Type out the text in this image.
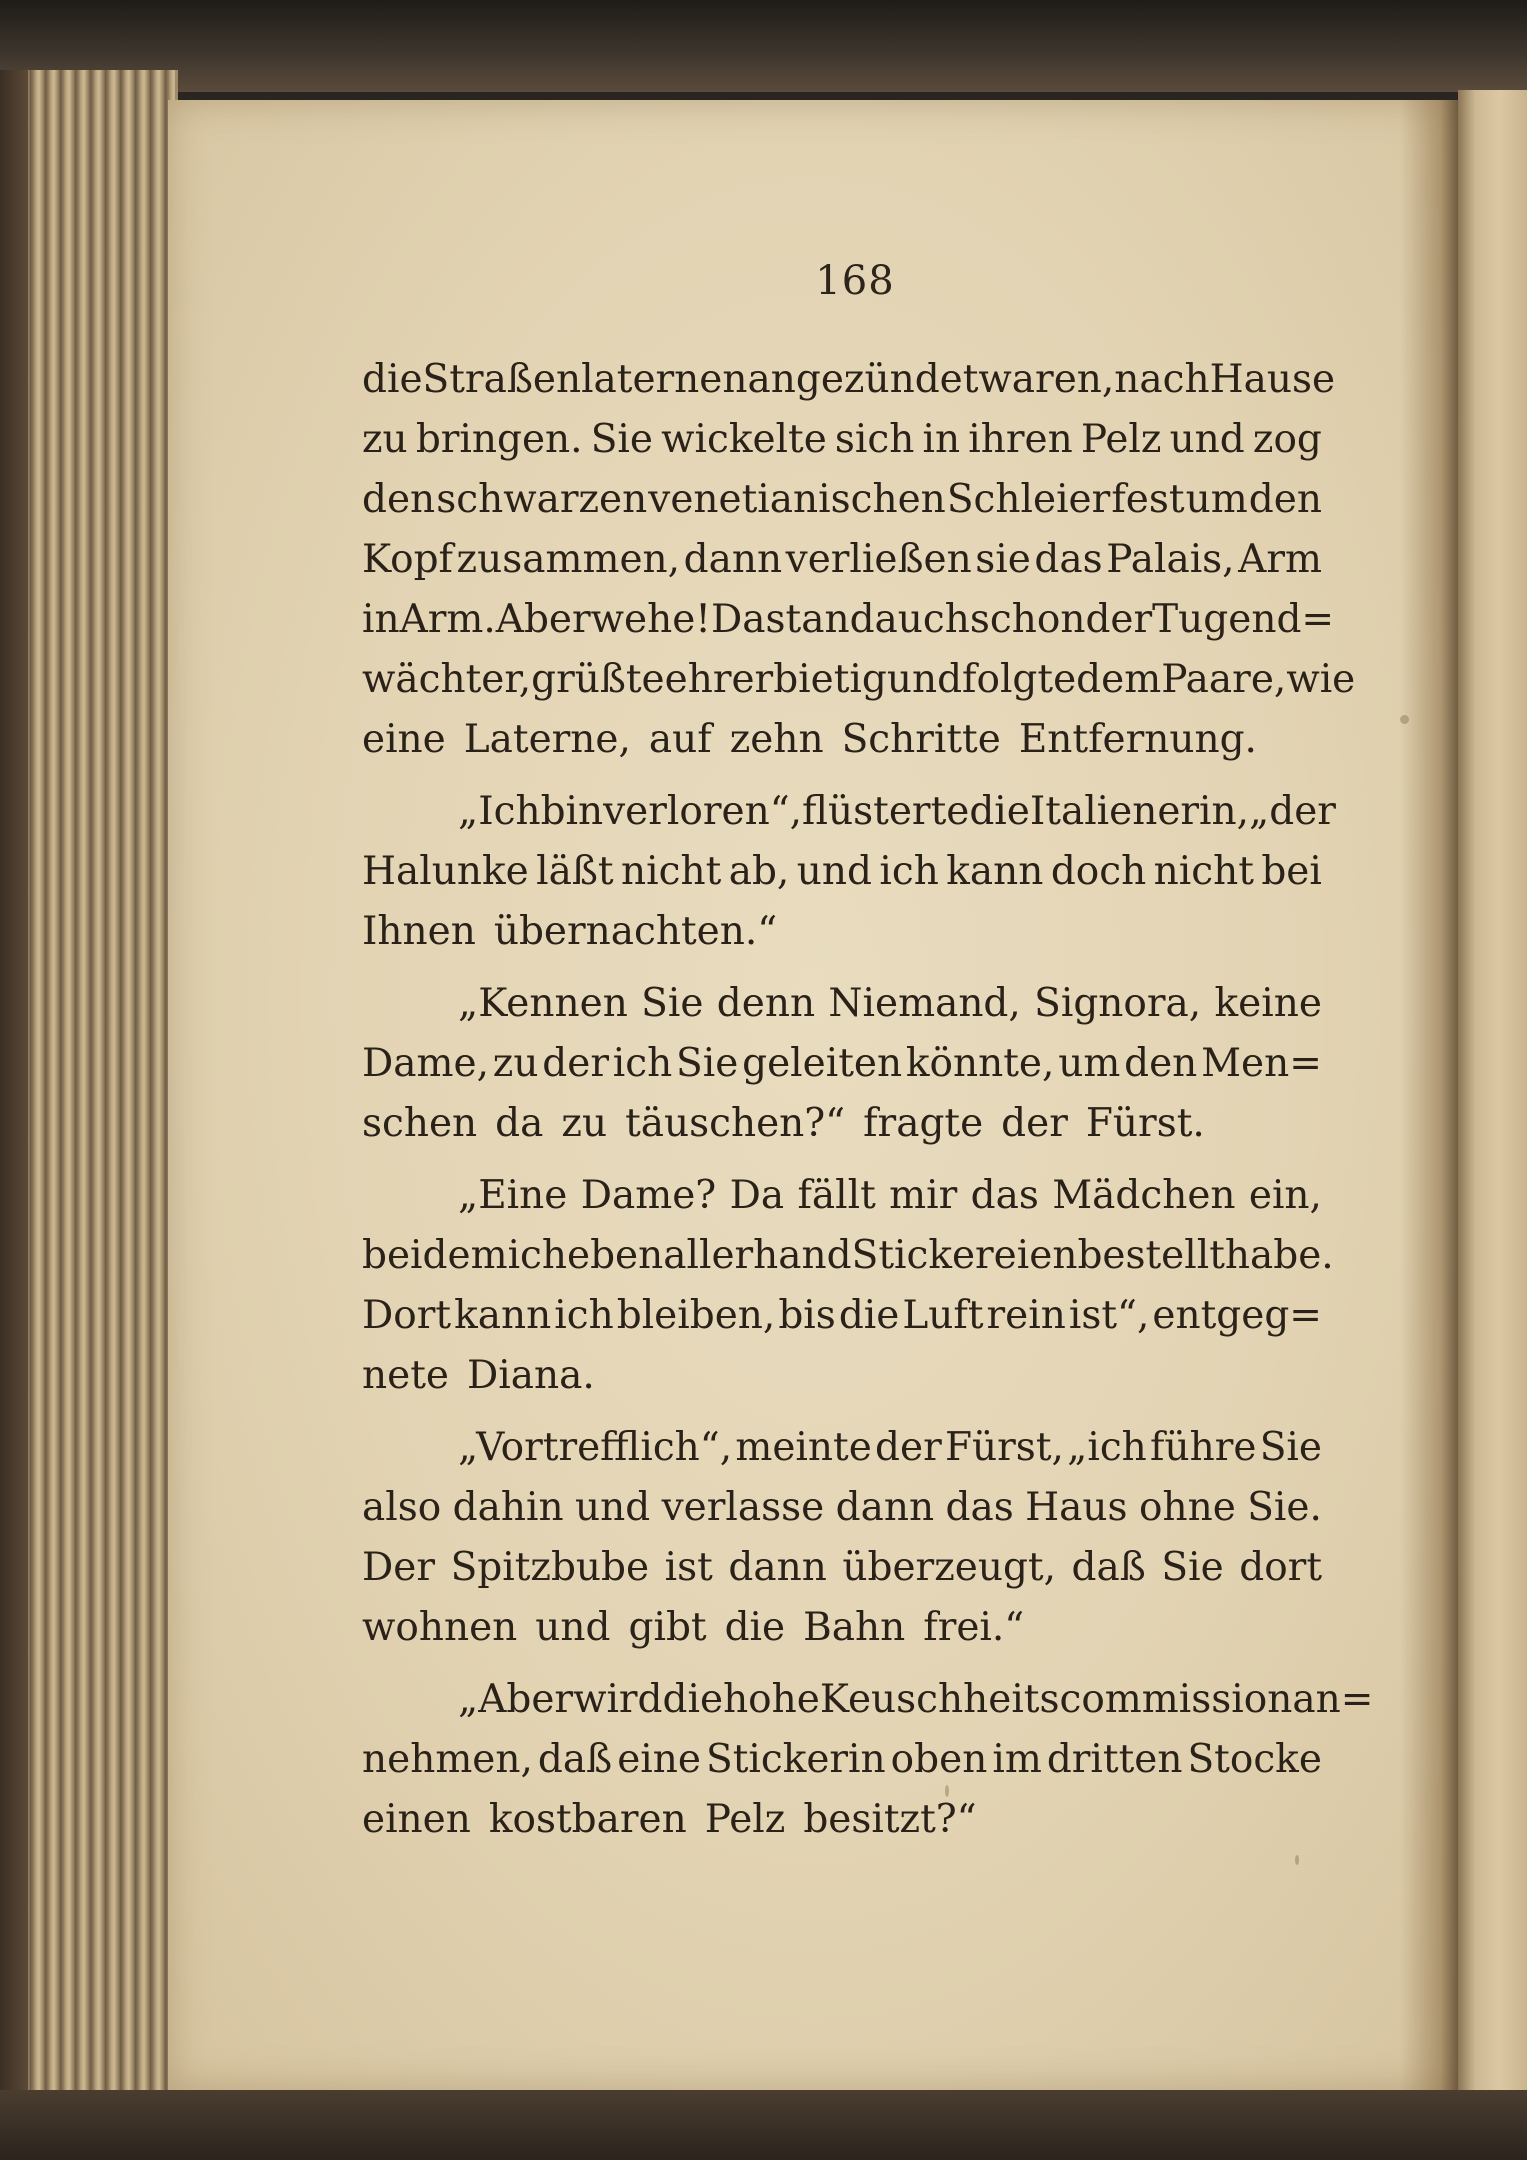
168
die Straßenlaternen angezündet waren, nach Hause
zu bringen. Sie wickelte sich in ihren Pelz und zog
den schwarzen venetianischen Schleier fest um den
Kopf zusammen, dann verließen sie das Palais, Arm
in Arm. Aber wehe! Da stand auch schon der Tugend=
wächter, grüßte ehrerbietig und folgte dem Paare, wie
eine Laterne, auf zehn Schritte Entfernung.
„Ich bin verloren“, flüsterte die Italienerin, „der
Halunke läßt nicht ab, und ich kann doch nicht bei
Ihnen übernachten.“
„Kennen Sie denn Niemand, Signora, keine
Dame, zu der ich Sie geleiten könnte, um den Men=
schen da zu täuschen?“ fragte der Fürst.
„Eine Dame? Da fällt mir das Mädchen ein,
bei dem ich eben allerhand Stickereien bestellt habe.
Dort kann ich bleiben, bis die Luft rein ist“, entgeg=
nete Diana.
„Vortrefflich“, meinte der Fürst, „ich führe Sie
also dahin und verlasse dann das Haus ohne Sie.
Der Spitzbube ist dann überzeugt, daß Sie dort
wohnen und gibt die Bahn frei.“
„Aber wird die hohe Keuschheitscommission an=
nehmen, daß eine Stickerin oben im dritten Stocke
einen kostbaren Pelz besitzt?“
